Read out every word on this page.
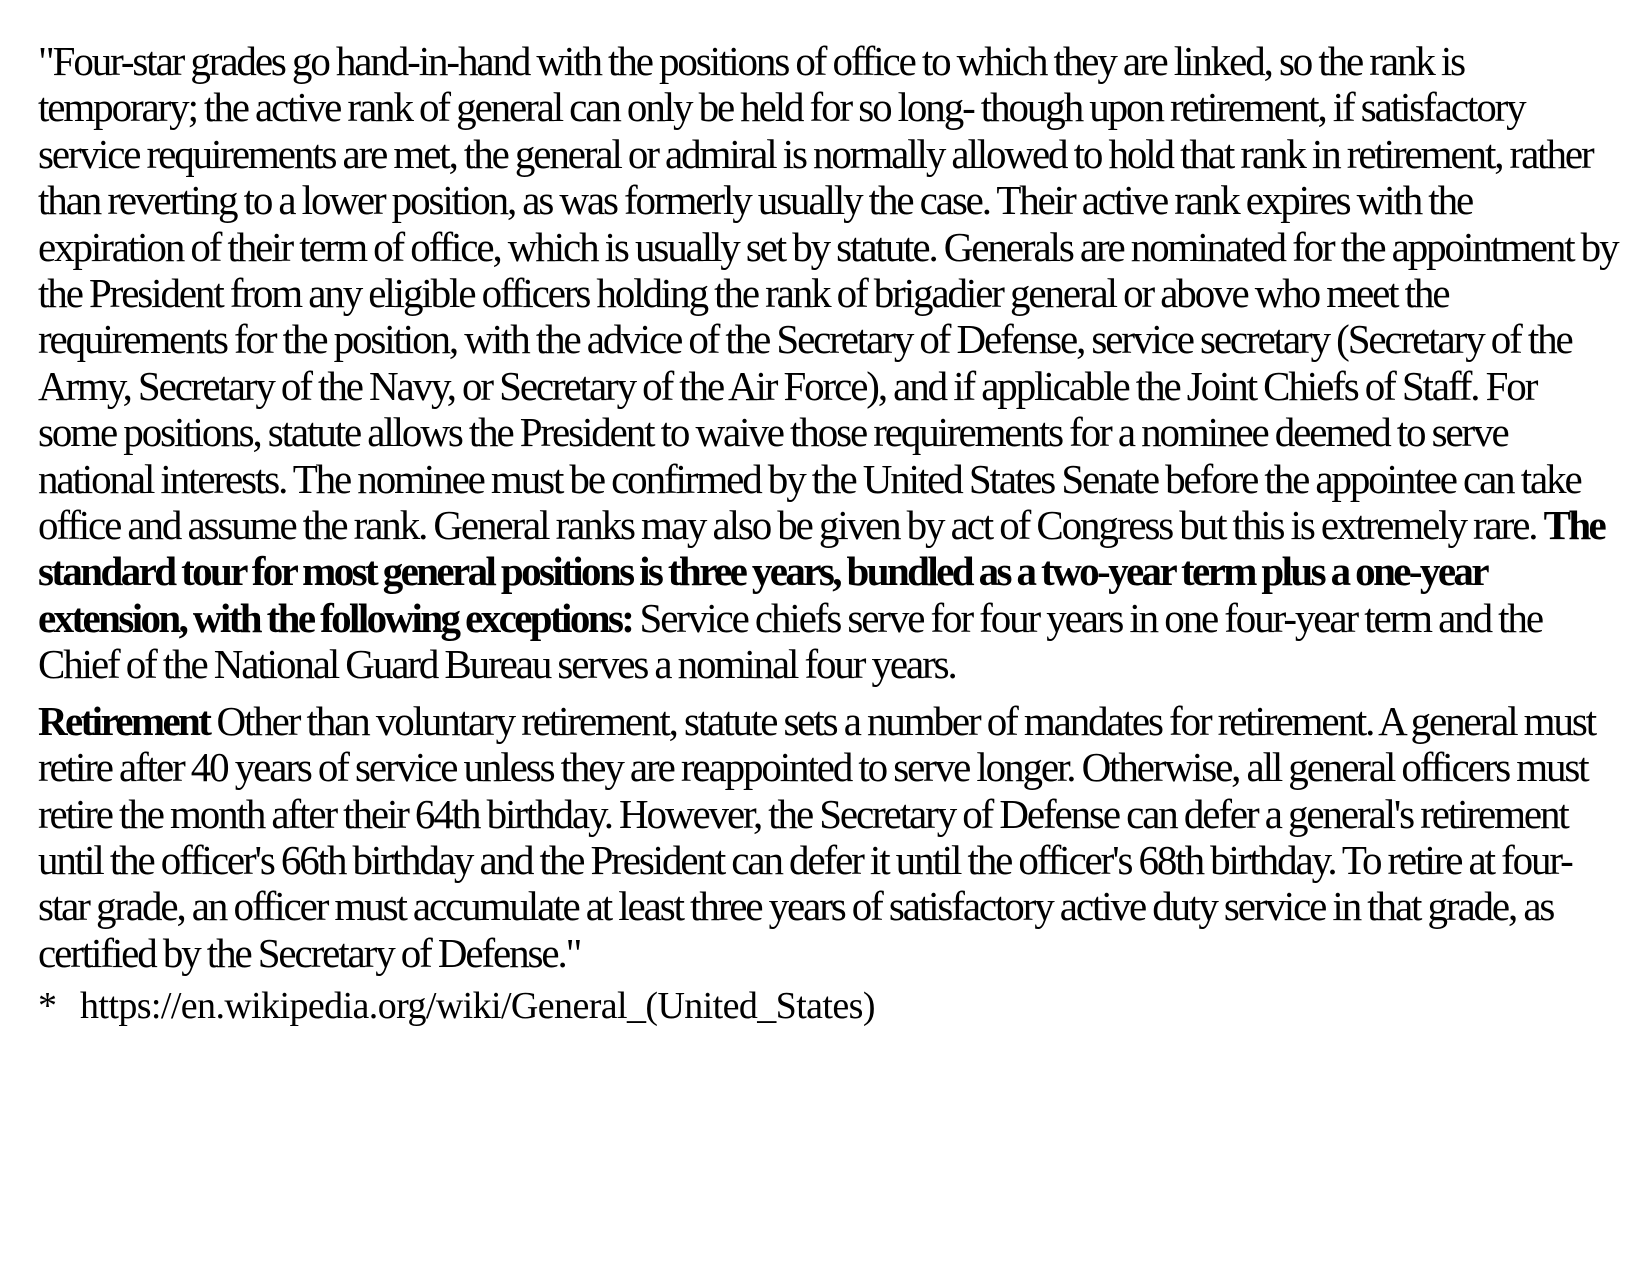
"Four-star grades go hand-in-hand with the positions of office to which they are linked, so the rank is temporary; the active rank of general can only be held for so long- though upon retirement, if satisfactory service requirements are met, the general or admiral is normally allowed to hold that rank in retirement, rather than reverting to a lower position, as was formerly usually the case. Their active rank expires with the expiration of their term of office, which is usually set by statute. Generals are nominated for the appointment by the President from any eligible officers holding the rank of brigadier general or above who meet the requirements for the position, with the advice of the Secretary of Defense, service secretary (Secretary of the Army, Secretary of the Navy, or Secretary of the Air Force), and if applicable the Joint Chiefs of Staff. For some positions, statute allows the President to waive those requirements for a nominee deemed to serve national interests. The nominee must be confirmed by the United States Senate before the appointee can take office and assume the rank. General ranks may also be given by act of Congress but this is extremely rare. The standard tour for most general positions is three years, bundled as a two-year term plus a one-year extension, with the following exceptions: Service chiefs serve for four years in one four-year term and the Chief of the National Guard Bureau serves a nominal four years.

Retirement Other than voluntary retirement, statute sets a number of mandates for retirement. A general must retire after 40 years of service unless they are reappointed to serve longer. Otherwise, all general officers must retire the month after their 64th birthday. However, the Secretary of Defense can defer a general's retirement until the officer's 66th birthday and the President can defer it until the officer's 68th birthday. To retire at four-star grade, an officer must accumulate at least three years of satisfactory active duty service in that grade, as certified by the Secretary of Defense."

* https://en.wikipedia.org/wiki/General_(United_States)
